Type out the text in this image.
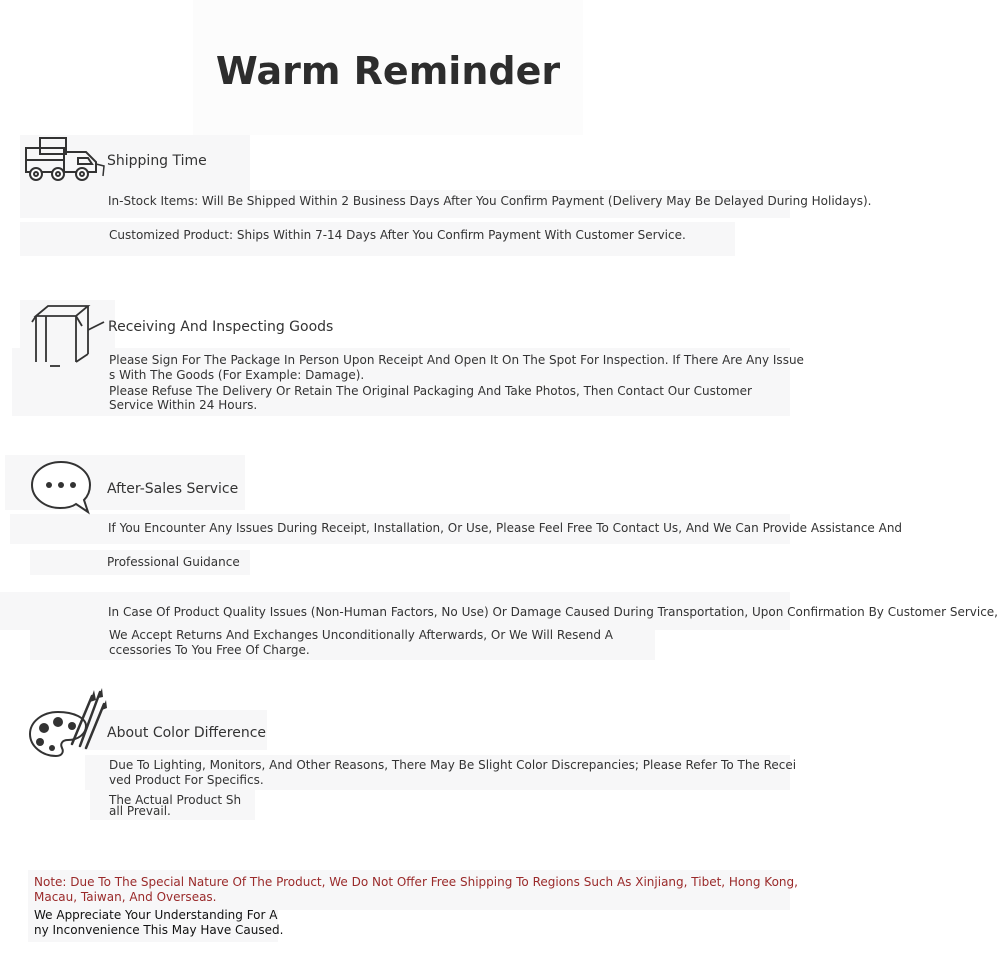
Warm Reminder
Shipping Time
In-Stock Items: Will Be Shipped Within 2 Business Days After You Confirm Payment (Delivery May Be Delayed During Holidays).
Customized Product: Ships Within 7-14 Days After You Confirm Payment With Customer Service.
Receiving And Inspecting Goods
Please Sign For The Package In Person Upon Receipt And Open It On The Spot For Inspection. If There Are Any Issue
s With The Goods (For Example: Damage).
Please Refuse The Delivery Or Retain The Original Packaging And Take Photos, Then Contact Our Customer
Service Within 24 Hours.
After-Sales Service
If You Encounter Any Issues During Receipt, Installation, Or Use, Please Feel Free To Contact Us, And We Can Provide Assistance And
Professional Guidance
In Case Of Product Quality Issues (Non-Human Factors, No Use) Or Damage Caused During Transportation, Upon Confirmation By Customer Service,
We Accept Returns And Exchanges Unconditionally Afterwards, Or We Will Resend A
ccessories To You Free Of Charge.
About Color Difference
Due To Lighting, Monitors, And Other Reasons, There May Be Slight Color Discrepancies; Please Refer To The Recei
ved Product For Specifics.
The Actual Product Sh
all Prevail.
Note: Due To The Special Nature Of The Product, We Do Not Offer Free Shipping To Regions Such As Xinjiang, Tibet, Hong Kong,
Macau, Taiwan, And Overseas.
We Appreciate Your Understanding For A
ny Inconvenience This May Have Caused.
